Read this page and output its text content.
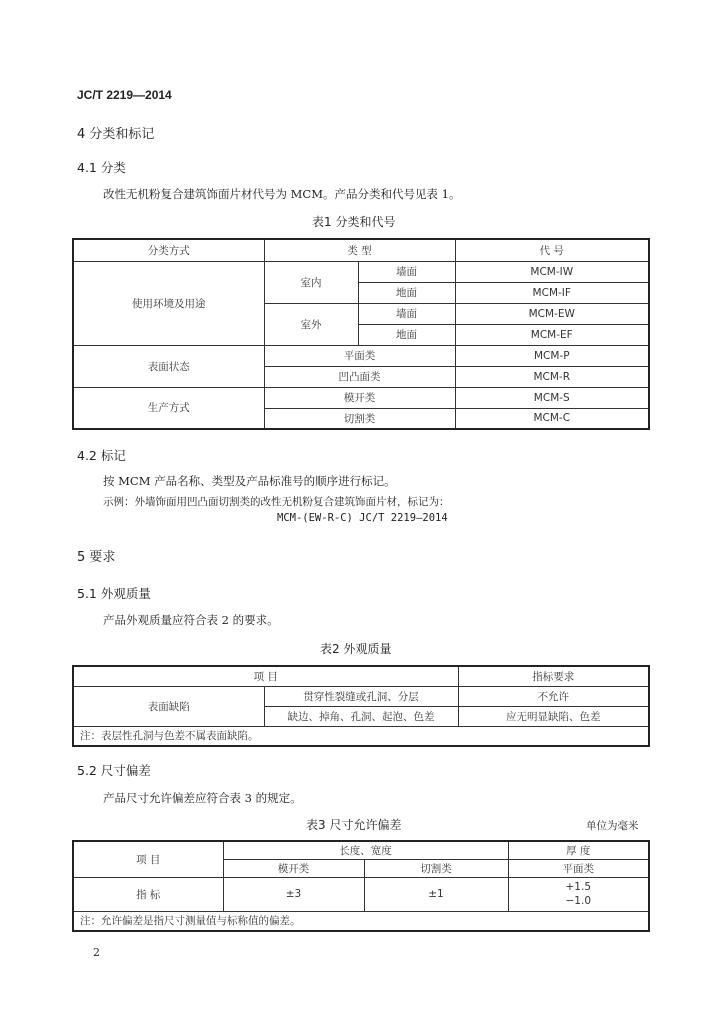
JC/T 2219—2014
4 分类和标记
4.1 分类
改性无机粉复合建筑饰面片材代号为 MCM。产品分类和代号见表 1。
表1 分类和代号
分类方式	类 型		代 号
使用环境及用途	室内	墙面	MCM-IW
		地面	MCM-IF
	室外	墙面	MCM-EW
		地面	MCM-EF
表面状态	平面类		MCM-P
	凹凸面类		MCM-R
生产方式	模开类		MCM-S
	切割类		MCM-C
4.2 标记
按 MCM 产品名称、类型及产品标准号的顺序进行标记。
示例：外墙饰面用凹凸面切割类的改性无机粉复合建筑饰面片材，标记为：
MCM-(EW-R-C) JC/T 2219—2014
5 要求
5.1 外观质量
产品外观质量应符合表 2 的要求。
表2 外观质量
项 目		指标要求
表面缺陷	贯穿性裂缝或孔洞、分层	不允许
	缺边、掉角、孔洞、起泡、色差	应无明显缺陷、色差
注：表层性孔洞与色差不属表面缺陷。		
5.2 尺寸偏差
产品尺寸允许偏差应符合表 3 的规定。
表3 尺寸允许偏差	单位为毫米
项 目	长度、宽度		厚 度
	模开类	切割类	平面类
指 标	±3	±1	+1.5
−1.0

注：允许偏差是指尺寸测量值与标称值的偏差。			
2
